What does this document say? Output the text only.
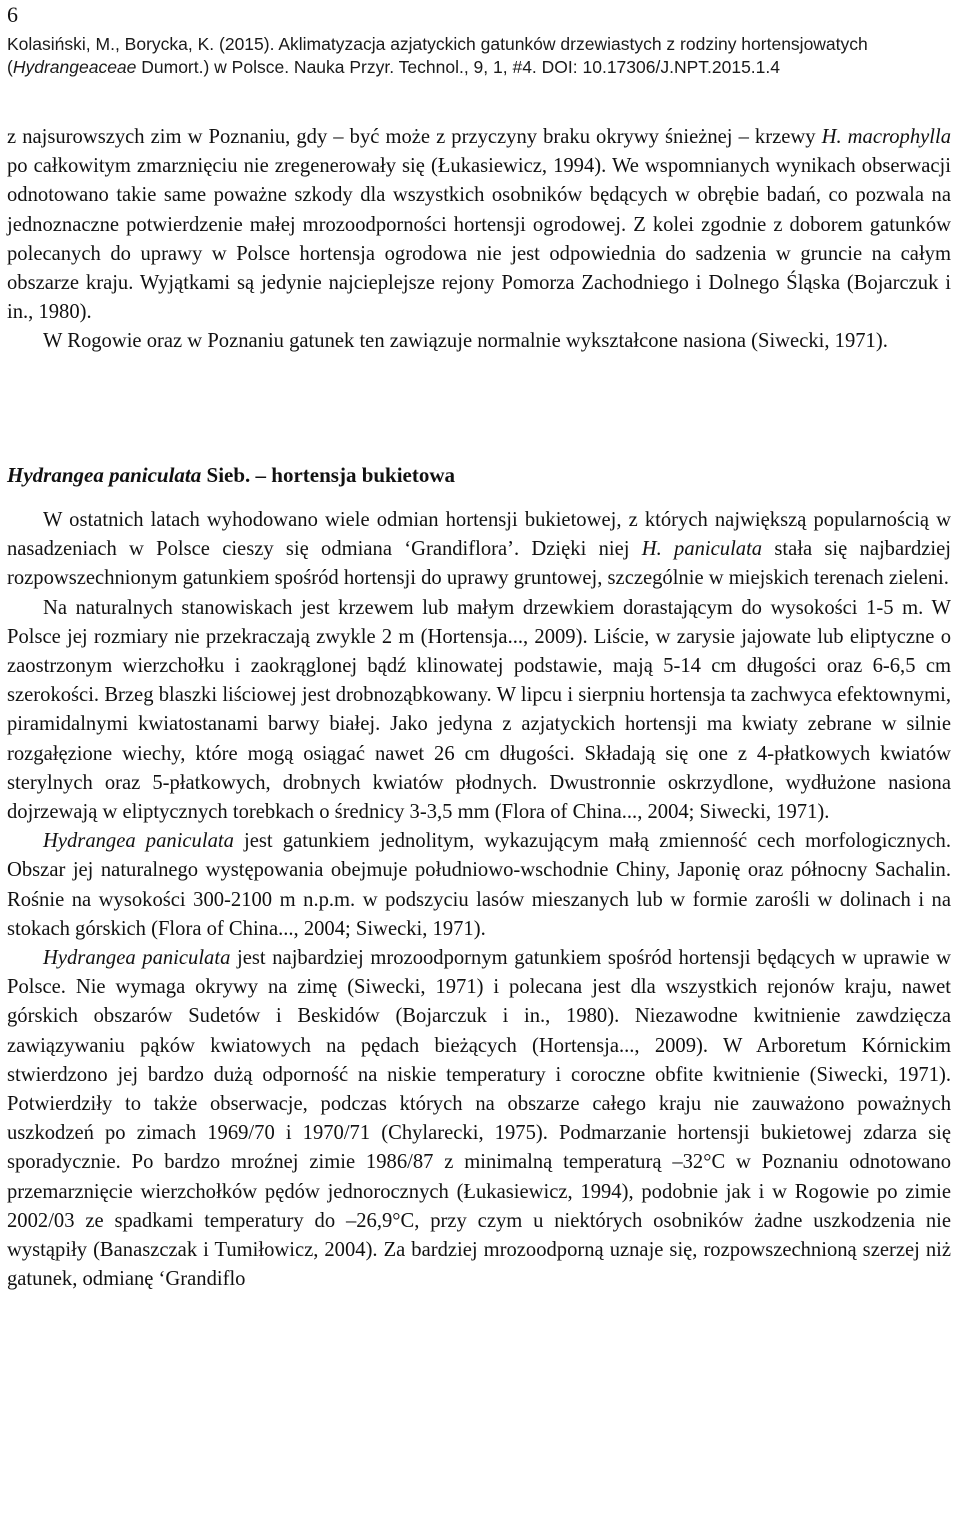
6
Kolasiński, M., Borycka, K. (2015). Aklimatyzacja azjatyckich gatunków drzewiastych z rodziny hortensjowatych
(Hydrangeaceae Dumort.) w Polsce. Nauka Przyr. Technol., 9, 1, #4. DOI: 10.17306/J.NPT.2015.1.4

z najsurowszych zim w Poznaniu, gdy – być może z przyczyny braku okrywy śnieżnej – krzewy H. macrophylla po całkowitym zmarznięciu nie zregenerowały się (Łukasiewicz, 1994). We wspomnianych wynikach obserwacji odnotowano takie same poważne szkody dla wszystkich osobników będących w obrębie badań, co pozwala na jednoznaczne potwierdzenie małej mrozoodporności hortensji ogrodowej. Z kolei zgodnie z doborem gatunków polecanych do uprawy w Polsce hortensja ogrodowa nie jest odpowiednia do sadzenia w gruncie na całym obszarze kraju. Wyjątkami są jedynie najcieplejsze rejony Pomorza Zachodniego i Dolnego Śląska (Bojarczuk i in., 1980).

W Rogowie oraz w Poznaniu gatunek ten zawiązuje normalnie wykształcone nasiona (Siwecki, 1971).

Hydrangea paniculata Sieb. – hortensja bukietowa

W ostatnich latach wyhodowano wiele odmian hortensji bukietowej, z których największą popularnością w nasadzeniach w Polsce cieszy się odmiana ‘Grandiflora’. Dzięki niej H. paniculata stała się najbardziej rozpowszechnionym gatunkiem spośród hortensji do uprawy gruntowej, szczególnie w miejskich terenach zieleni.

Na naturalnych stanowiskach jest krzewem lub małym drzewkiem dorastającym do wysokości 1-5 m. W Polsce jej rozmiary nie przekraczają zwykle 2 m (Hortensja..., 2009). Liście, w zarysie jajowate lub eliptyczne o zaostrzonym wierzchołku i zaokrąglonej bądź klinowatej podstawie, mają 5-14 cm długości oraz 6-6,5 cm szerokości. Brzeg blaszki liściowej jest drobnoząbkowany. W lipcu i sierpniu hortensja ta zachwyca efektownymi, piramidalnymi kwiatostanami barwy białej. Jako jedyna z azjatyckich hortensji ma kwiaty zebrane w silnie rozgałęzione wiechy, które mogą osiągać nawet 26 cm długości. Składają się one z 4-płatkowych kwiatów sterylnych oraz 5-płatkowych, drobnych kwiatów płodnych. Dwustronnie oskrzydlone, wydłużone nasiona dojrzewają w eliptycznych torebkach o średnicy 3-3,5 mm (Flora of China..., 2004; Siwecki, 1971).

Hydrangea paniculata jest gatunkiem jednolitym, wykazującym małą zmienność cech morfologicznych. Obszar jej naturalnego występowania obejmuje południowo-wschodnie Chiny, Japonię oraz północny Sachalin. Rośnie na wysokości 300-2100 m n.p.m. w podszyciu lasów mieszanych lub w formie zarośli w dolinach i na stokach górskich (Flora of China..., 2004; Siwecki, 1971).

Hydrangea paniculata jest najbardziej mrozoodpornym gatunkiem spośród hortensji będących w uprawie w Polsce. Nie wymaga okrywy na zimę (Siwecki, 1971) i polecana jest dla wszystkich rejonów kraju, nawet górskich obszarów Sudetów i Beskidów (Bojarczuk i in., 1980). Niezawodne kwitnienie zawdzięcza zawiązywaniu pąków kwiatowych na pędach bieżących (Hortensja..., 2009). W Arboretum Kórnickim stwierdzono jej bardzo dużą odporność na niskie temperatury i coroczne obfite kwitnienie (Siwecki, 1971). Potwierdziły to także obserwacje, podczas których na obszarze całego kraju nie zauważono poważnych uszkodzeń po zimach 1969/70 i 1970/71 (Chylarecki, 1975). Podmarzanie hortensji bukietowej zdarza się sporadycznie. Po bardzo mroźnej zimie 1986/87 z minimalną temperaturą –32°C w Poznaniu odnotowano przemarznięcie wierzchołków pędów jednorocznych (Łukasiewicz, 1994), podobnie jak i w Rogowie po zimie 2002/03 ze spadkami temperatury do –26,9°C, przy czym u niektórych osobników żadne uszkodzenia nie wystąpiły (Banaszczak i Tumiłowicz, 2004). Za bardziej mrozoodporną uznaje się, rozpowszechnioną szerzej niż gatunek, odmianę ‘Grandiflo
